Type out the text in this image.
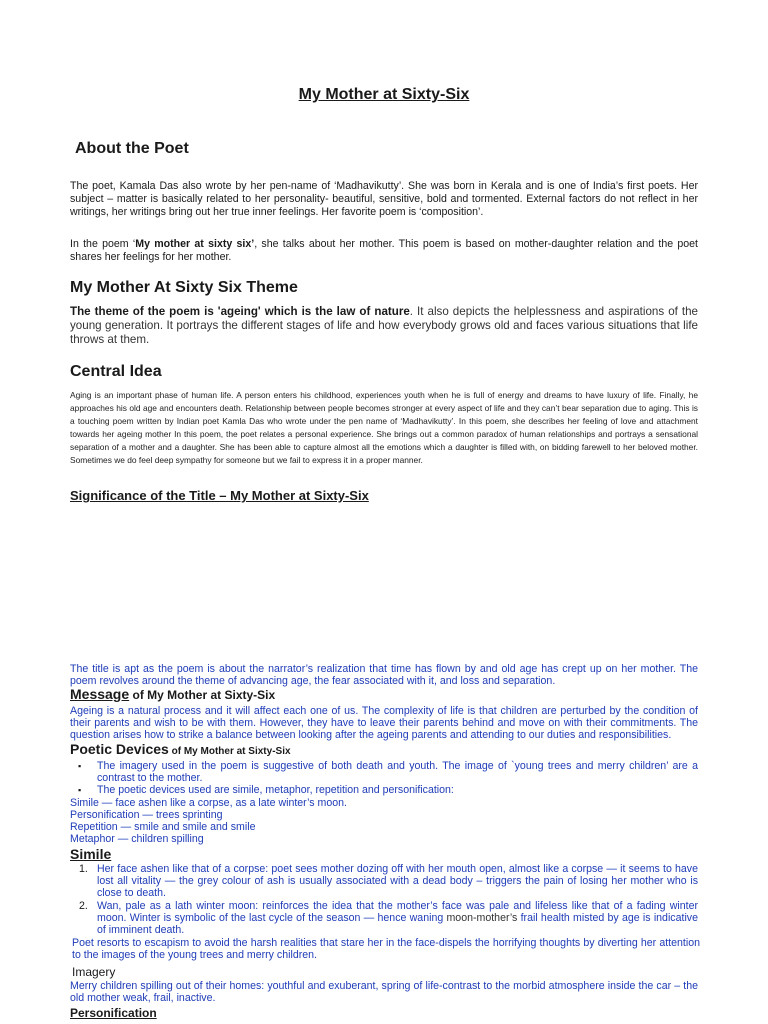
My Mother at Sixty-Six
About the Poet
The poet, Kamala Das also wrote by her pen-name of ‘Madhavikutty’. She was born in Kerala and is one of India’s first poets. Her subject – matter is basically related to her personality- beautiful, sensitive, bold and tormented. External factors do not reflect in her writings, her writings bring out her true inner feelings. Her favorite poem is ‘composition’.
In the poem ‘My mother at sixty six’, she talks about her mother. This poem is based on mother-daughter relation and the poet shares her feelings for her mother.
My Mother At Sixty Six Theme
The theme of the poem is 'ageing' which is the law of nature. It also depicts the helplessness and aspirations of the young generation. It portrays the different stages of life and how everybody grows old and faces various situations that life throws at them.
Central Idea
Aging is an important phase of human life. A person enters his childhood, experiences youth when he is full of energy and dreams to have luxury of life. Finally, he approaches his old age and encounters death. Relationship between people becomes stronger at every aspect of life and they can’t bear separation due to aging. This is a touching poem written by Indian poet Kamla Das who wrote under the pen name of ‘Madhavikutty’. In this poem, she describes her feeling of love and attachment towards her ageing mother In this poem, the poet relates a personal experience. She brings out a common paradox of human relationships and portrays a sensational separation of a mother and a daughter. She has been able to capture almost all the emotions which a daughter is filled with, on bidding farewell to her beloved mother. Sometimes we do feel deep sympathy for someone but we fail to express it in a proper manner.
Significance of the Title – My Mother at Sixty-Six
The title is apt as the poem is about the narrator’s realization that time has flown by and old age has crept up on her mother. The poem revolves around the theme of advancing age, the fear associated with it, and loss and separation.
Message of My Mother at Sixty-Six
Ageing is a natural process and it will affect each one of us. The complexity of life is that children are perturbed by the condition of their parents and wish to be with them. However, they have to leave their parents behind and move on with their commitments. The question arises how to strike a balance between looking after the ageing parents and attending to our duties and responsibilities.
Poetic Devices of My Mother at Sixty-Six
▪ The imagery used in the poem is suggestive of both death and youth. The image of `young trees and merry children’ are a contrast to the mother.
▪ The poetic devices used are simile, metaphor, repetition and personification:
Simile — face ashen like a corpse, as a late winter’s moon.
Personification — trees sprinting
Repetition — smile and smile and smile
Metaphor — children spilling
Simile
1. Her face ashen like that of a corpse: poet sees mother dozing off with her mouth open, almost like a corpse — it seems to have lost all vitality — the grey colour of ash is usually associated with a dead body – triggers the pain of losing her mother who is close to death.
2. Wan, pale as a lath winter moon: reinforces the idea that the mother’s face was pale and lifeless like that of a fading winter moon. Winter is symbolic of the last cycle of the season — hence waning moon-mother’s frail health misted by age is indicative of imminent death.
Poet resorts to escapism to avoid the harsh realities that stare her in the face-dispels the horrifying thoughts by diverting her attention to the images of the young trees and merry children.
Imagery
Merry children spilling out of their homes: youthful and exuberant, spring of life-contrast to the morbid atmosphere inside the car – the old mother weak, frail, inactive.
Personification
